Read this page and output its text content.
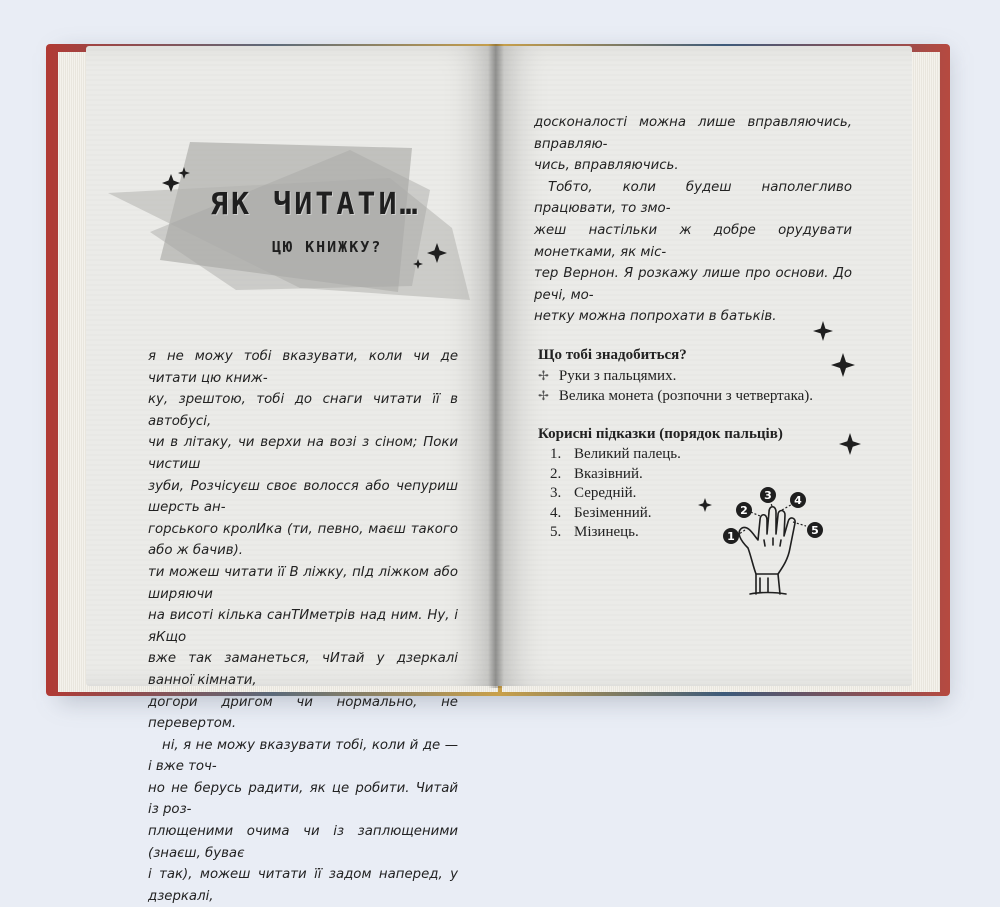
ЯК ЧИТАТИ…
ЦЮ КНИЖКУ?

я не можу тобі вказувати, коли чи де читати цю книж-

ку, зрештою, тобі до снаги читати її в автобусі,

чи в літаку, чи верхи на возі з сіном; Поки чистиш

зуби, Розчісуєш своє волосся або чепуриш шерсть ан-

горського кролИка (ти, певно, маєш такого або ж бачив).

ти можеш читати її В ліжку, пІд ліжком або ширяючи

на висоті кілька санТИметрів над ним. Ну, і яКщо

вже так заманеться, чИтай у дзеркалі ванної кімнати,

догори дригом чи нормально, не перевертом.

ні, я не можу вказувати тобі, коли й де — і вже точ-

но не берусь радити, як це робити. Читай із роз-

плющеними очима чи із заплющеними (знаєш, буває

і так), можеш читати її задом наперед, у дзеркалі,

досконалості можна лише вправляючись, вправляю-

чись, вправляючись.

Тобто, коли будеш наполегливо працювати, то змо-

жеш настільки ж добре орудувати монетками, як міс-

тер Вернон. Я розкажу лише про основи. До речі, мо-

нетку можна попрохати в батьків.

Що тобі знадобиться?
✢ Руки з пальцямих.
✢ Велика монета (розпочни з четвертака).
Корисні підказки (порядок пальців)
1. Великий палець.
2. Вказівний.
3. Середній.
4. Безіменний.
5. Мізинець.	1
2
3 4
5
